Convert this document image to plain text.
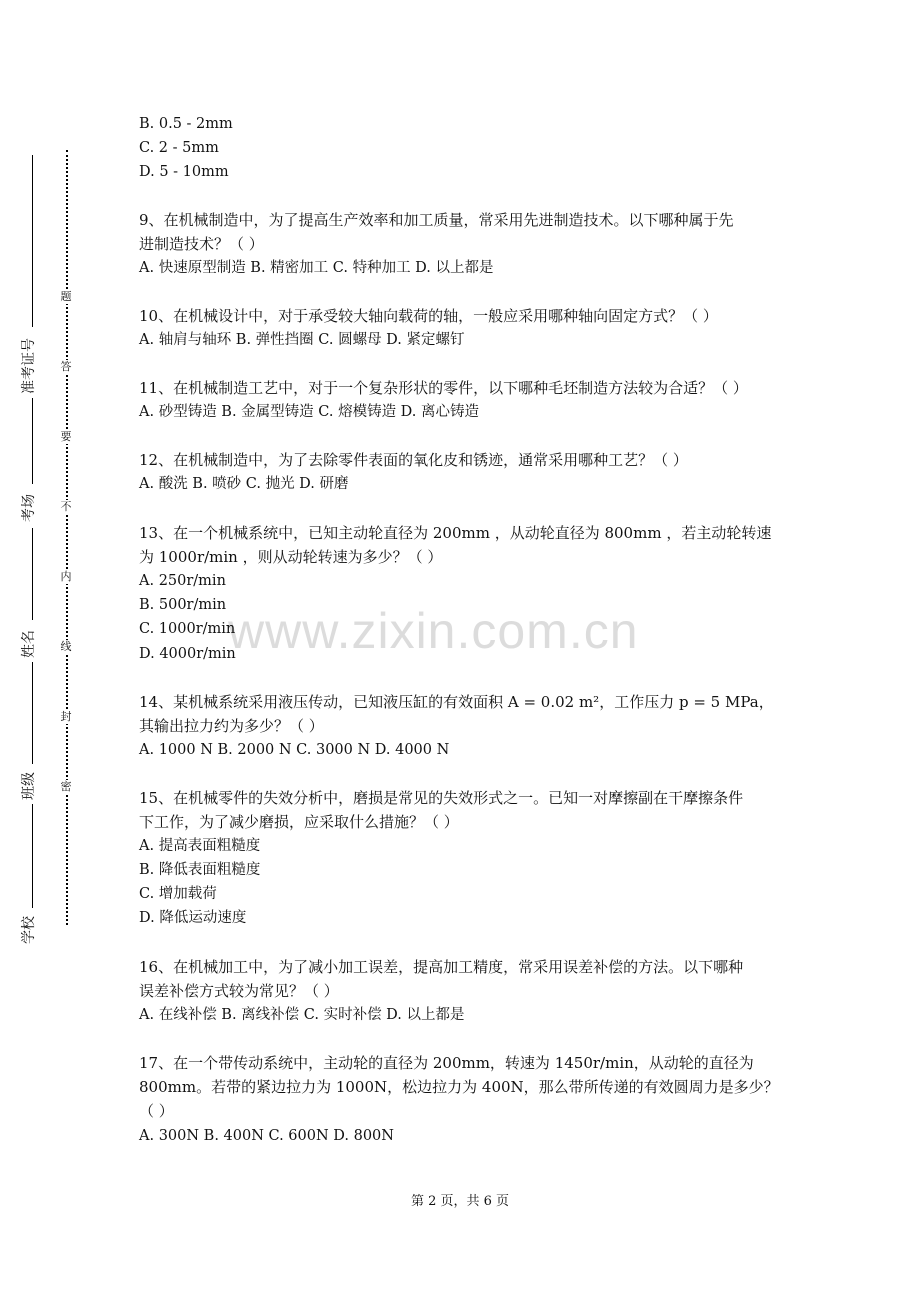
准考证号
考场
姓名
班级
学校
题
答
要
不
内
线
封
密
www.zixin.com.cn
B. 0.5 - 2mm
C. 2 - 5mm
D. 5 - 10mm
9、在机械制造中，为了提高生产效率和加工质量，常采用先进制造技术。以下哪种属于先
进制造技术？（ ）
A. 快速原型制造 B. 精密加工 C. 特种加工 D. 以上都是
10、在机械设计中，对于承受较大轴向载荷的轴，一般应采用哪种轴向固定方式？（ ）
A. 轴肩与轴环 B. 弹性挡圈 C. 圆螺母 D. 紧定螺钉
11、在机械制造工艺中，对于一个复杂形状的零件，以下哪种毛坯制造方法较为合适？（ ）
A. 砂型铸造 B. 金属型铸造 C. 熔模铸造 D. 离心铸造
12、在机械制造中，为了去除零件表面的氧化皮和锈迹，通常采用哪种工艺？（ ）
A. 酸洗 B. 喷砂 C. 抛光 D. 研磨
13、在一个机械系统中，已知主动轮直径为 200mm ，从动轮直径为 800mm ，若主动轮转速
为 1000r/min ，则从动轮转速为多少？（ ）
A. 250r/min
B. 500r/min
C. 1000r/min
D. 4000r/min
14、某机械系统采用液压传动，已知液压缸的有效面积 A = 0.02 m²，工作压力 p = 5 MPa，
其输出拉力约为多少？（ ）
A. 1000 N B. 2000 N C. 3000 N D. 4000 N
15、在机械零件的失效分析中，磨损是常见的失效形式之一。已知一对摩擦副在干摩擦条件
下工作，为了减少磨损，应采取什么措施？（ ）
A. 提高表面粗糙度
B. 降低表面粗糙度
C. 增加载荷
D. 降低运动速度
16、在机械加工中，为了减小加工误差，提高加工精度，常采用误差补偿的方法。以下哪种
误差补偿方式较为常见？（ ）
A. 在线补偿 B. 离线补偿 C. 实时补偿 D. 以上都是
17、在一个带传动系统中，主动轮的直径为 200mm，转速为 1450r/min，从动轮的直径为
800mm。若带的紧边拉力为 1000N，松边拉力为 400N，那么带所传递的有效圆周力是多少？
（ ）
A. 300N B. 400N C. 600N D. 800N
第 2 页，共 6 页
